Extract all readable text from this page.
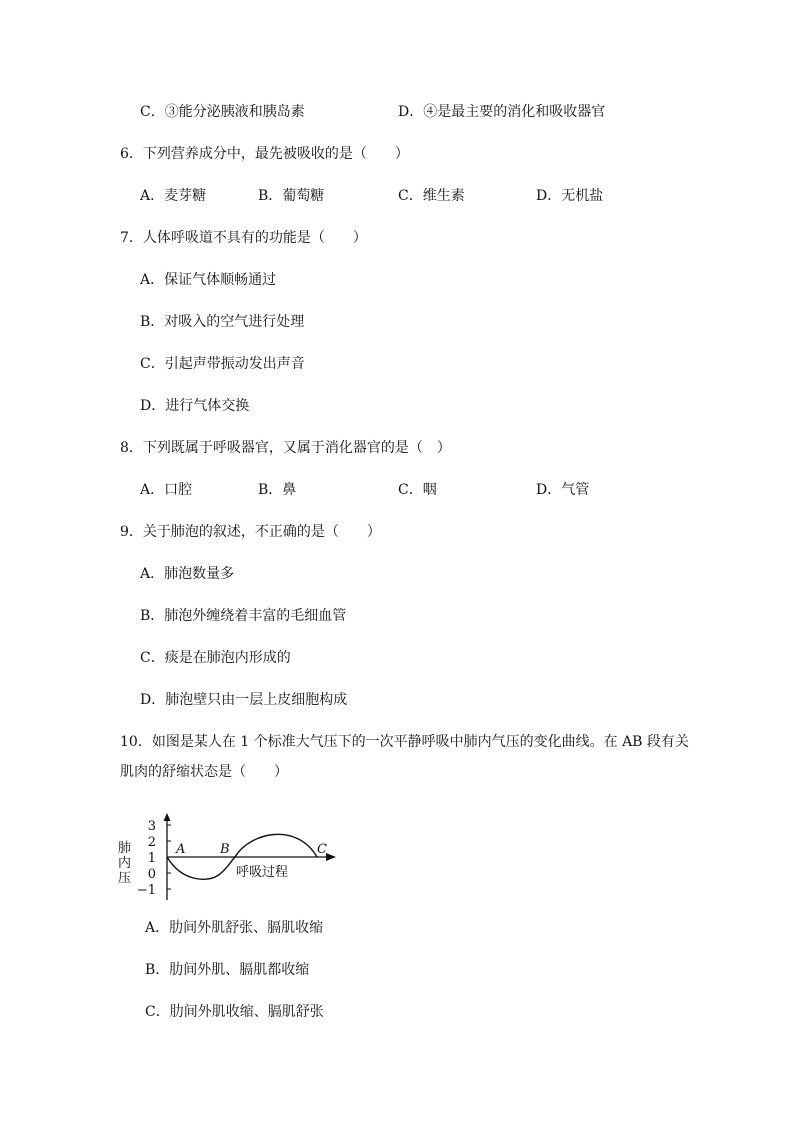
C．③能分泌胰液和胰岛素	D．④是最主要的消化和吸收器官
6．下列营养成分中，最先被吸收的是（　　）
A．麦芽糖	B．葡萄糖	C．维生素	D．无机盐
7．人体呼吸道不具有的功能是（　　）
A．保证气体顺畅通过
B．对吸入的空气进行处理
C．引起声带振动发出声音
D．进行气体交换
8．下列既属于呼吸器官，又属于消化器官的是（　）
A．口腔	B．鼻	C．咽	D．气管
9．关于肺泡的叙述，不正确的是（　　）
A．肺泡数量多
B．肺泡外缠绕着丰富的毛细血管
C．痰是在肺泡内形成的
D．肺泡壁只由一层上皮细胞构成
10．如图是某人在 1 个标准大气压下的一次平静呼吸中肺内气压的变化曲线。在 AB 段有关
肌肉的舒缩状态是（　　）
3
2
1
0
−1
肺
内
压
A	B	C
呼吸过程
A．肋间外肌舒张、膈肌收缩
B．肋间外肌、膈肌都收缩
C．肋间外肌收缩、膈肌舒张
